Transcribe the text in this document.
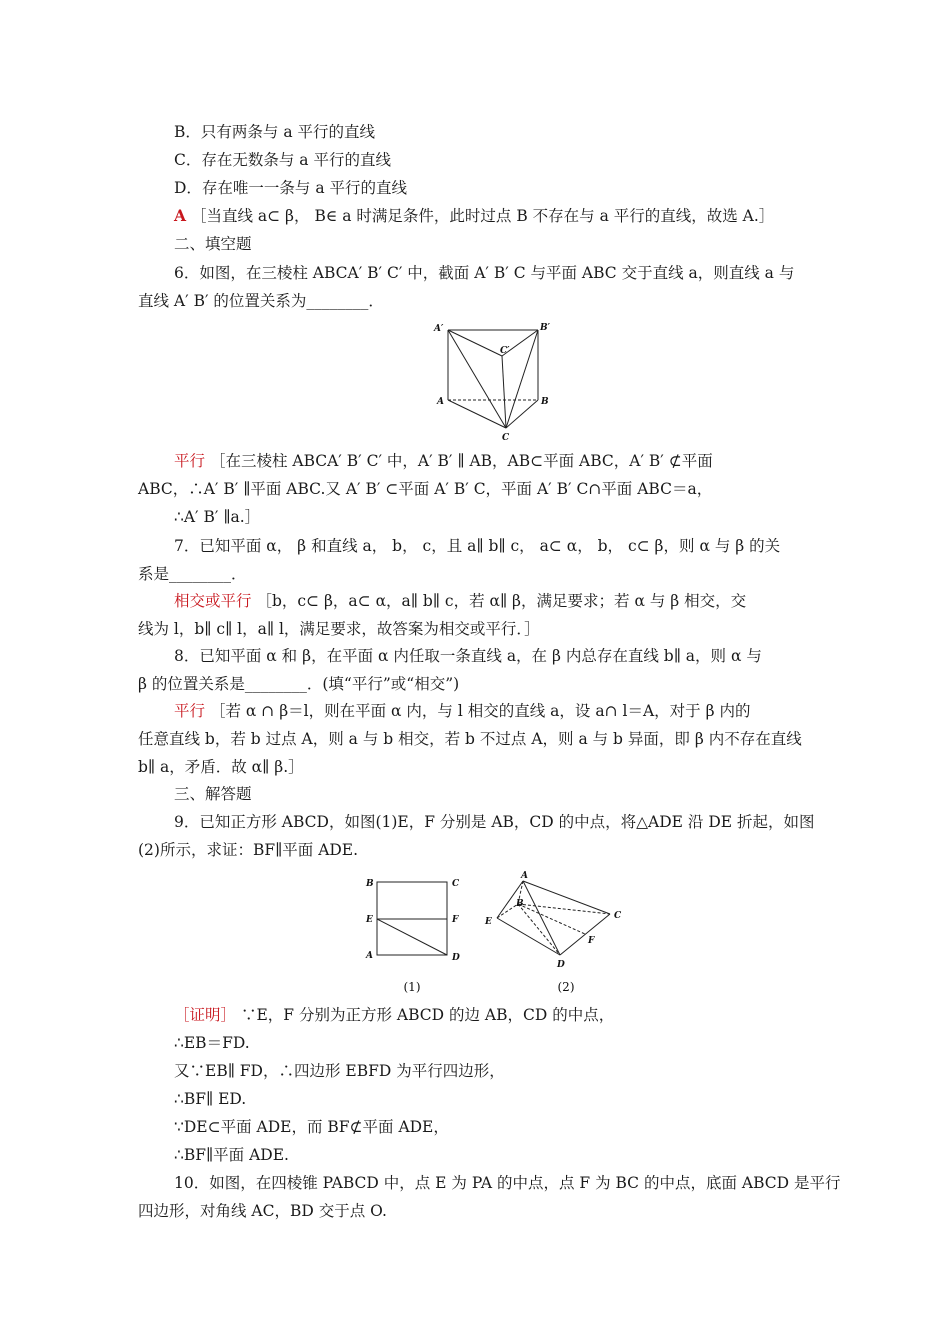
B．只有两条与 a 平行的直线
C．存在无数条与 a 平行的直线
D．存在唯一一条与 a 平行的直线
A ［当直线 a⊂ β， B∈ a 时满足条件，此时过点 B 不存在与 a 平行的直线，故选 A.］
二、填空题
6．如图，在三棱柱 ABCA′ B′ C′ 中，截面 A′ B′ C 与平面 ABC 交于直线 a，则直线 a 与
直线 A′ B′ 的位置关系为________．
A′	B′
C′
A	B
C
平行 ［在三棱柱 ABCA′ B′ C′ 中，A′ B′ ∥ AB，AB⊂平面 ABC，A′ B′ ⊄平面
ABC，∴A′ B′ ∥平面 ABC.又 A′ B′ ⊂平面 A′ B′ C，平面 A′ B′ C∩平面 ABC＝a，
∴A′ B′ ∥a.］
7．已知平面 α， β 和直线 a， b， c，且 a∥ b∥ c， a⊂ α， b， c⊂ β，则 α 与 β 的关
系是________．
相交或平行 ［b，c⊂ β，a⊂ α，a∥ b∥ c，若 α∥ β，满足要求；若 α 与 β 相交，交
线为 l，b∥ c∥ l，a∥ l，满足要求，故答案为相交或平行．］
8．已知平面 α 和 β，在平面 α 内任取一条直线 a，在 β 内总存在直线 b∥ a，则 α 与
β 的位置关系是________．(填“平行”或“相交”)
平行 ［若 α ∩ β＝l，则在平面 α 内，与 l 相交的直线 a，设 a∩ l＝A，对于 β 内的
任意直线 b，若 b 过点 A，则 a 与 b 相交，若 b 不过点 A，则 a 与 b 异面，即 β 内不存在直线
b∥ a，矛盾．故 α∥ β.］
三、解答题
9．已知正方形 ABCD，如图(1)E，F 分别是 AB，CD 的中点，将△ADE 沿 DE 折起，如图
(2)所示，求证：BF∥平面 ADE.
B	C
E	F
A	D
(1)
A
B
C
E
F
D
(2)
［证明］ ∵E，F 分别为正方形 ABCD 的边 AB，CD 的中点，
∴EB＝FD.
又∵EB∥ FD，∴四边形 EBFD 为平行四边形，
∴BF∥ ED.
∵DE⊂平面 ADE，而 BF⊄平面 ADE，
∴BF∥平面 ADE.
10．如图，在四棱锥 PABCD 中，点 E 为 PA 的中点，点 F 为 BC 的中点，底面 ABCD 是平行
四边形，对角线 AC，BD 交于点 O.
